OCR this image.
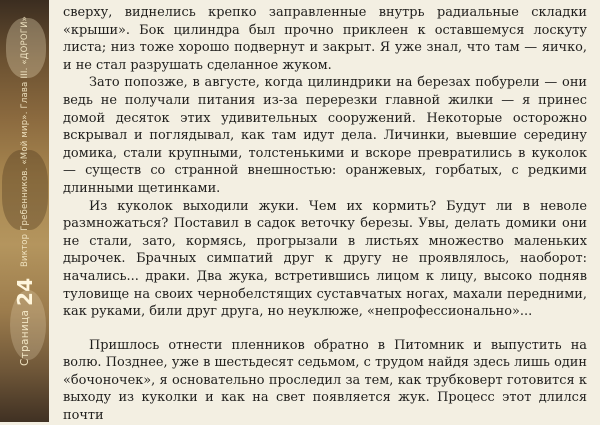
Страница24
Виктор Гребенников. «Мой мир». Глава III. «ДОРОГИ»

сверху, виднелись крепко заправленные внутрь радиальные складки «крыши». Бок цилиндра был прочно приклеен к оставшемуся лоскуту листа; низ тоже хорошо подвернут и закрыт. Я уже знал, что там — яичко, и не стал разрушать сделанное жуком.

Зато попозже, в августе, когда цилиндрики на березах побурели — они ведь не получали питания из-за перерезки главной жилки — я принес домой десяток этих удивительных сооружений. Некоторые осторожно вскрывал и поглядывал, как там идут дела. Личинки, выевшие середину домика, стали крупными, толстенькими и вскоре превратились в куколок — существ со странной внешностью: оранжевых, горбатых, с редкими длинными щетинками.

Из куколок выходили жуки. Чем их кормить? Будут ли в неволе размножаться? Поставил в садок веточку березы. Увы, делать домики они не стали, зато, кормясь, прогрызали в листьях множество маленьких дырочек. Брачных симпатий друг к другу не проявлялось, наоборот: начались... драки. Два жука, встретившись лицом к лицу, высоко подняв туловище на своих чернобелстящих суставчатых ногах, махали передними, как руками, били друг друга, но неуклюже, «непрофессионально»...

Пришлось отнести пленников обратно в Питомник и выпустить на волю. Позднее, уже в шестьдесят седьмом, с трудом найдя здесь лишь один «бочоночек», я основательно проследил за тем, как трубковерт готовится к выходу из куколки и как на свет появляется жук. Процесс этот длился почти
